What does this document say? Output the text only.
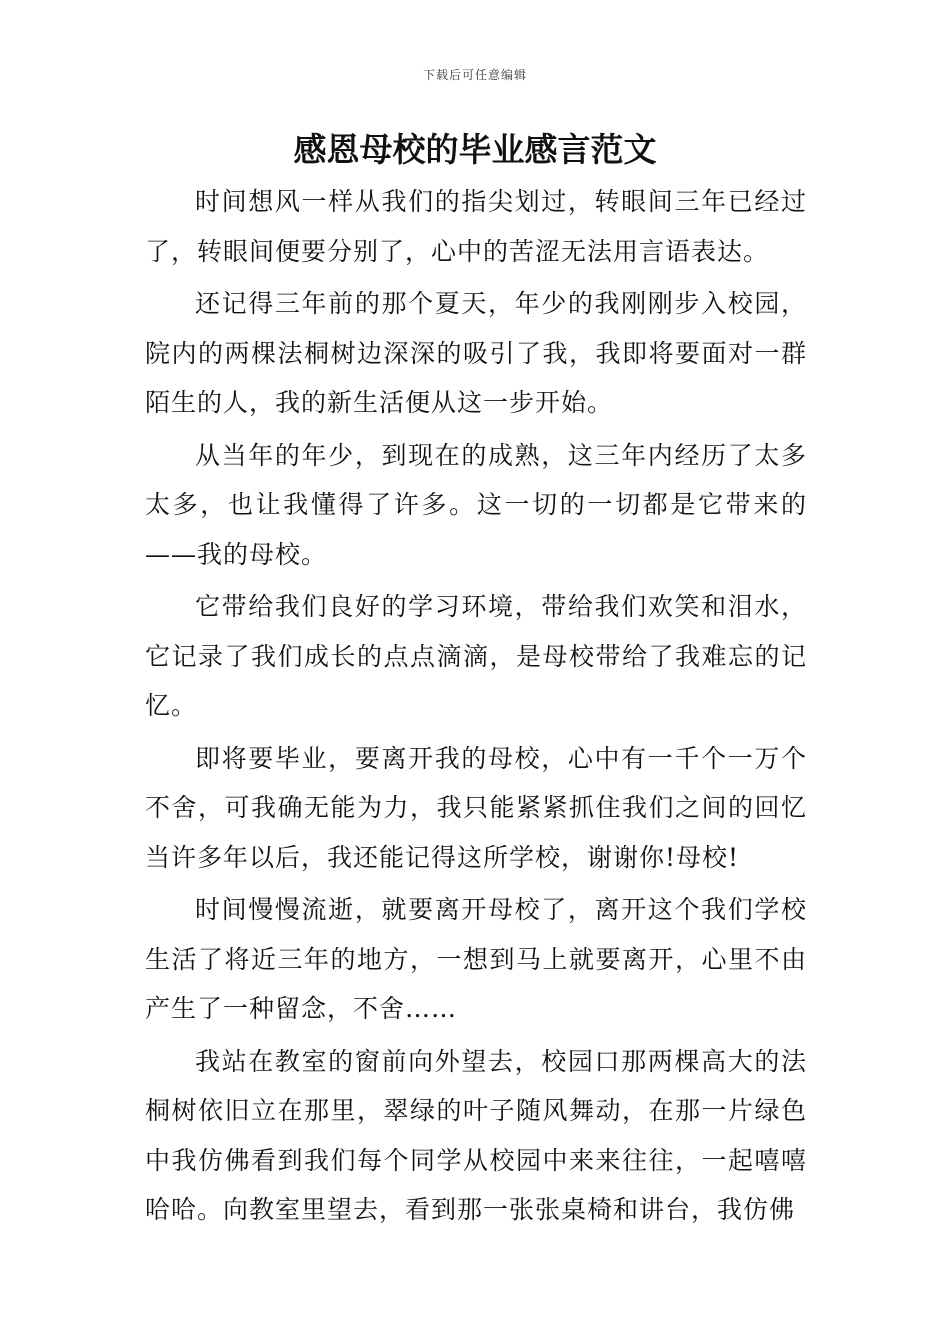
下载后可任意编辑
感恩母校的毕业感言范文

时间想风一样从我们的指尖划过，转眼间三年已经过了，转眼间便要分别了，心中的苦涩无法用言语表达。

还记得三年前的那个夏天，年少的我刚刚步入校园，院内的两棵法桐树边深深的吸引了我，我即将要面对一群陌生的人，我的新生活便从这一步开始。

从当年的年少，到现在的成熟，这三年内经历了太多太多，也让我懂得了许多。这一切的一切都是它带来的——我的母校。

它带给我们良好的学习环境，带给我们欢笑和泪水，它记录了我们成长的点点滴滴，是母校带给了我难忘的记忆。

即将要毕业，要离开我的母校，心中有一千个一万个不舍，可我确无能为力，我只能紧紧抓住我们之间的回忆当许多年以后，我还能记得这所学校，谢谢你!母校!

时间慢慢流逝，就要离开母校了，离开这个我们学校生活了将近三年的地方，一想到马上就要离开，心里不由产生了一种留念，不舍……

我站在教室的窗前向外望去，校园口那两棵高大的法桐树依旧立在那里，翠绿的叶子随风舞动，在那一片绿色中我仿佛看到我们每个同学从校园中来来往往，一起嘻嘻哈哈。向教室里望去，看到那一张张桌椅和讲台，我仿佛
